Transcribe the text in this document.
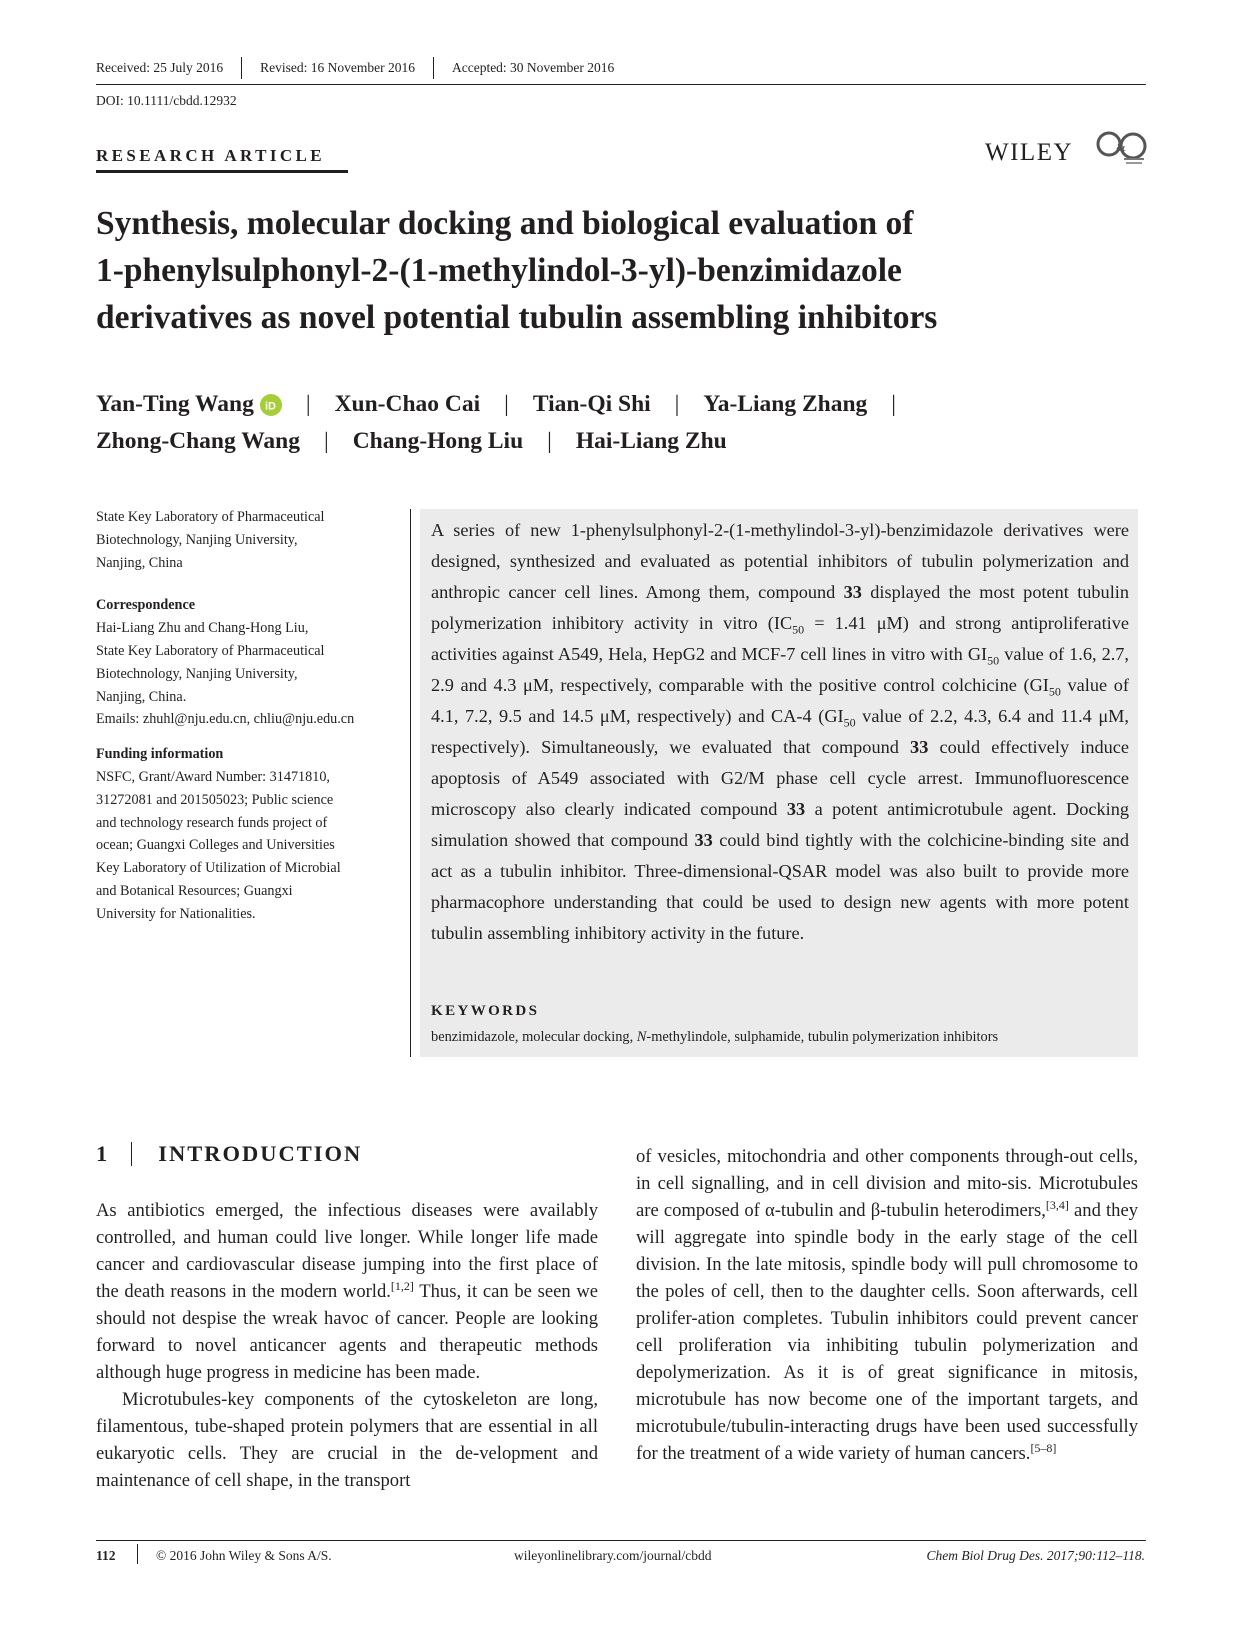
Received: 25 July 2016	Revised: 16 November 2016	Accepted: 30 November 2016
DOI: 10.1111/cbdd.12932
RESEARCH ARTICLE	WILEY	&
Synthesis, molecular docking and biological evaluation of
1-phenylsulphonyl-2-(1-methylindol-3-yl)-benzimidazole
derivatives as novel potential tubulin assembling inhibitors
Yan-Ting Wang iD | Xun-Chao Cai | Tian-Qi Shi | Ya-Liang Zhang |
Zhong-Chang Wang | Chang-Hong Liu | Hai-Liang Zhu
State Key Laboratory of Pharmaceutical
Biotechnology, Nanjing University,
Nanjing, China
Correspondence
Hai-Liang Zhu and Chang-Hong Liu,
State Key Laboratory of Pharmaceutical
Biotechnology, Nanjing University,
Nanjing, China.
Emails: zhuhl@nju.edu.cn, chliu@nju.edu.cn
Funding information
NSFC, Grant/Award Number: 31471810,
31272081 and 201505023; Public science
and technology research funds project of
ocean; Guangxi Colleges and Universities
Key Laboratory of Utilization of Microbial
and Botanical Resources; Guangxi
University for Nationalities.

A series of new 1-phenylsulphonyl-2-(1-methylindol-3-yl)-benzimidazole derivatives were designed, synthesized and evaluated as potential inhibitors of tubulin polymerization and anthropic cancer cell lines. Among them, compound 33 displayed the most potent tubulin polymerization inhibitory activity in vitro ($IC_{50} = 1.41$ μM) and strong antiproliferative activities against A549, Hela, HepG2 and MCF-7 cell lines in vitro with $GI_{50}$ value of 1.6, 2.7, 2.9 and 4.3 μM, respectively, comparable with the positive control colchicine ($GI_{50}$ value of 4.1, 7.2, 9.5 and 14.5 μM, respectively) and CA-4 ($GI_{50}$ value of 2.2, 4.3, 6.4 and 11.4 μM, respectively). Simultaneously, we evaluated that compound 33 could effectively induce apoptosis of A549 associated with G2/M phase cell cycle arrest. Immunofluorescence microscopy also clearly indicated compound 33 a potent antimicrotubule agent. Docking simulation showed that compound 33 could bind tightly with the colchicine-binding site and act as a tubulin inhibitor. Three-dimensional-QSAR model was also built to provide more pharmacophore understanding that could be used to design new agents with more potent tubulin assembling inhibitory activity in the future.

KEYWORDS
benzimidazole, molecular docking, N-methylindole, sulphamide, tubulin polymerization inhibitors
1 INTRODUCTION

As antibiotics emerged, the infectious diseases were availably controlled, and human could live longer. While longer life made cancer and cardiovascular disease jumping into the first place of the death reasons in the modern world.[1,2] Thus, it can be seen we should not despise the wreak havoc of cancer. People are looking forward to novel anticancer agents and therapeutic methods although huge progress in medicine has been made.

Microtubules-key components of the cytoskeleton are long, filamentous, tube-shaped protein polymers that are essential in all eukaryotic cells. They are crucial in the de-velopment and maintenance of cell shape, in the transport

of vesicles, mitochondria and other components through-out cells, in cell signalling, and in cell division and mito-sis. Microtubules are composed of α-tubulin and β-tubulin heterodimers,[3,4] and they will aggregate into spindle body in the early stage of the cell division. In the late mitosis, spindle body will pull chromosome to the poles of cell, then to the daughter cells. Soon afterwards, cell prolifer-ation completes. Tubulin inhibitors could prevent cancer cell proliferation via inhibiting tubulin polymerization and depolymerization. As it is of great significance in mitosis, microtubule has now become one of the important targets, and microtubule/tubulin-interacting drugs have been used successfully for the treatment of a wide variety of human cancers.[5–8]

112	© 2016 John Wiley & Sons A/S.	wileyonlinelibrary.com/journal/cbdd	Chem Biol Drug Des. 2017;90:112–118.
